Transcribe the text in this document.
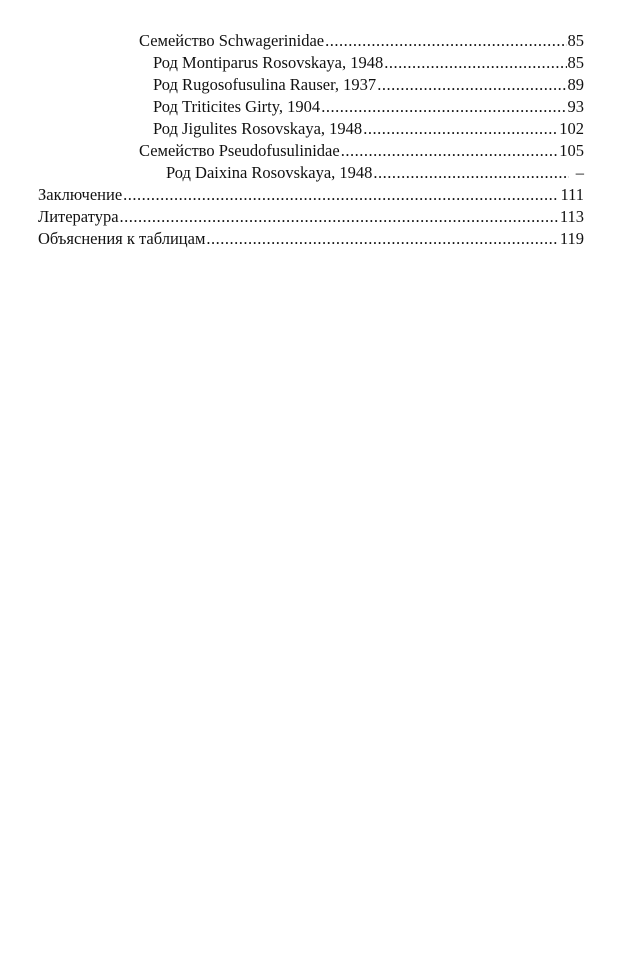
Семейство Schwagerinidae .....	85
Род Montiparus Rosovskaya, 1948 .....	85
Род Rugosofusulina Rauser, 1937 .....	89
Род Triticites Girty, 1904 .....	93
Род Jigulites Rosovskaya, 1948 .....	102
Семейство Pseudofusulinidae .....	105
Род Daixina Rosovskaya, 1948 .....	–
Заключение .....	111
Литература .....	113
Объяснения к таблицам .....	119
